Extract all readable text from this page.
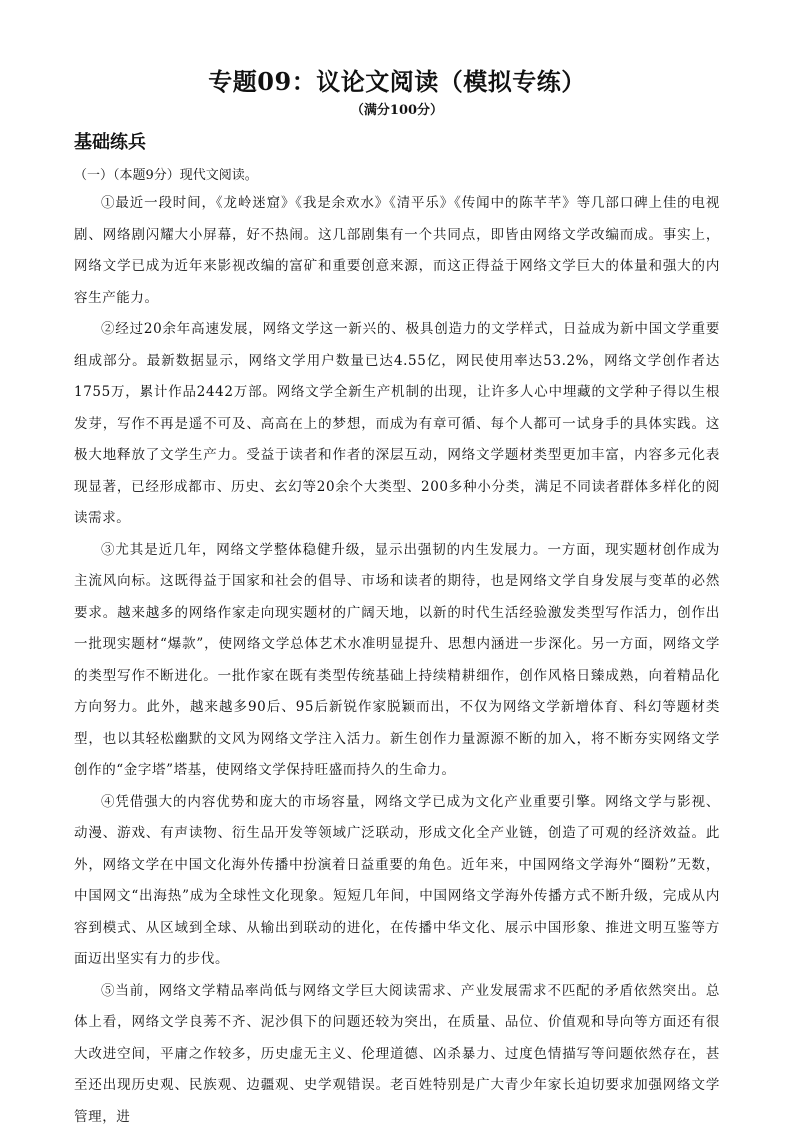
专题09：议论文阅读（模拟专练）
（满分100分）
基础练兵
（一）（本题9分）现代文阅读。

①最近一段时间，《龙岭迷窟》《我是余欢水》《清平乐》《传闻中的陈芊芊》等几部口碑上佳的电视剧、网络剧闪耀大小屏幕，好不热闹。这几部剧集有一个共同点，即皆由网络文学改编而成。事实上，网络文学已成为近年来影视改编的富矿和重要创意来源，而这正得益于网络文学巨大的体量和强大的内容生产能力。

②经过20余年高速发展，网络文学这一新兴的、极具创造力的文学样式，日益成为新中国文学重要组成部分。最新数据显示，网络文学用户数量已达4.55亿，网民使用率达53.2%，网络文学创作者达1755万，累计作品2442万部。网络文学全新生产机制的出现，让许多人心中埋藏的文学种子得以生根发芽，写作不再是遥不可及、高高在上的梦想，而成为有章可循、每个人都可一试身手的具体实践。这极大地释放了文学生产力。受益于读者和作者的深层互动，网络文学题材类型更加丰富，内容多元化表现显著，已经形成都市、历史、玄幻等20余个大类型、200多种小分类，满足不同读者群体多样化的阅读需求。

③尤其是近几年，网络文学整体稳健升级，显示出强韧的内生发展力。一方面，现实题材创作成为主流风向标。这既得益于国家和社会的倡导、市场和读者的期待，也是网络文学自身发展与变革的必然要求。越来越多的网络作家走向现实题材的广阔天地，以新的时代生活经验激发类型写作活力，创作出一批现实题材“爆款”，使网络文学总体艺术水准明显提升、思想内涵进一步深化。另一方面，网络文学的类型写作不断进化。一批作家在既有类型传统基础上持续精耕细作，创作风格日臻成熟，向着精品化方向努力。此外，越来越多90后、95后新锐作家脱颖而出，不仅为网络文学新增体育、科幻等题材类型，也以其轻松幽默的文风为网络文学注入活力。新生创作力量源源不断的加入，将不断夯实网络文学创作的“金字塔”塔基，使网络文学保持旺盛而持久的生命力。

④凭借强大的内容优势和庞大的市场容量，网络文学已成为文化产业重要引擎。网络文学与影视、动漫、游戏、有声读物、衍生品开发等领域广泛联动，形成文化全产业链，创造了可观的经济效益。此外，网络文学在中国文化海外传播中扮演着日益重要的角色。近年来，中国网络文学海外“圈粉”无数，中国网文“出海热”成为全球性文化现象。短短几年间，中国网络文学海外传播方式不断升级，完成从内容到模式、从区域到全球、从输出到联动的进化，在传播中华文化、展示中国形象、推进文明互鉴等方面迈出坚实有力的步伐。

⑤当前，网络文学精品率尚低与网络文学巨大阅读需求、产业发展需求不匹配的矛盾依然突出。总体上看，网络文学良莠不齐、泥沙俱下的问题还较为突出，在质量、品位、价值观和导向等方面还有很大改进空间，平庸之作较多，历史虚无主义、伦理道德、凶杀暴力、过度色情描写等问题依然存在，甚至还出现历史观、民族观、边疆观、史学观错误。老百姓特别是广大青少年家长迫切要求加强网络文学管理，进
